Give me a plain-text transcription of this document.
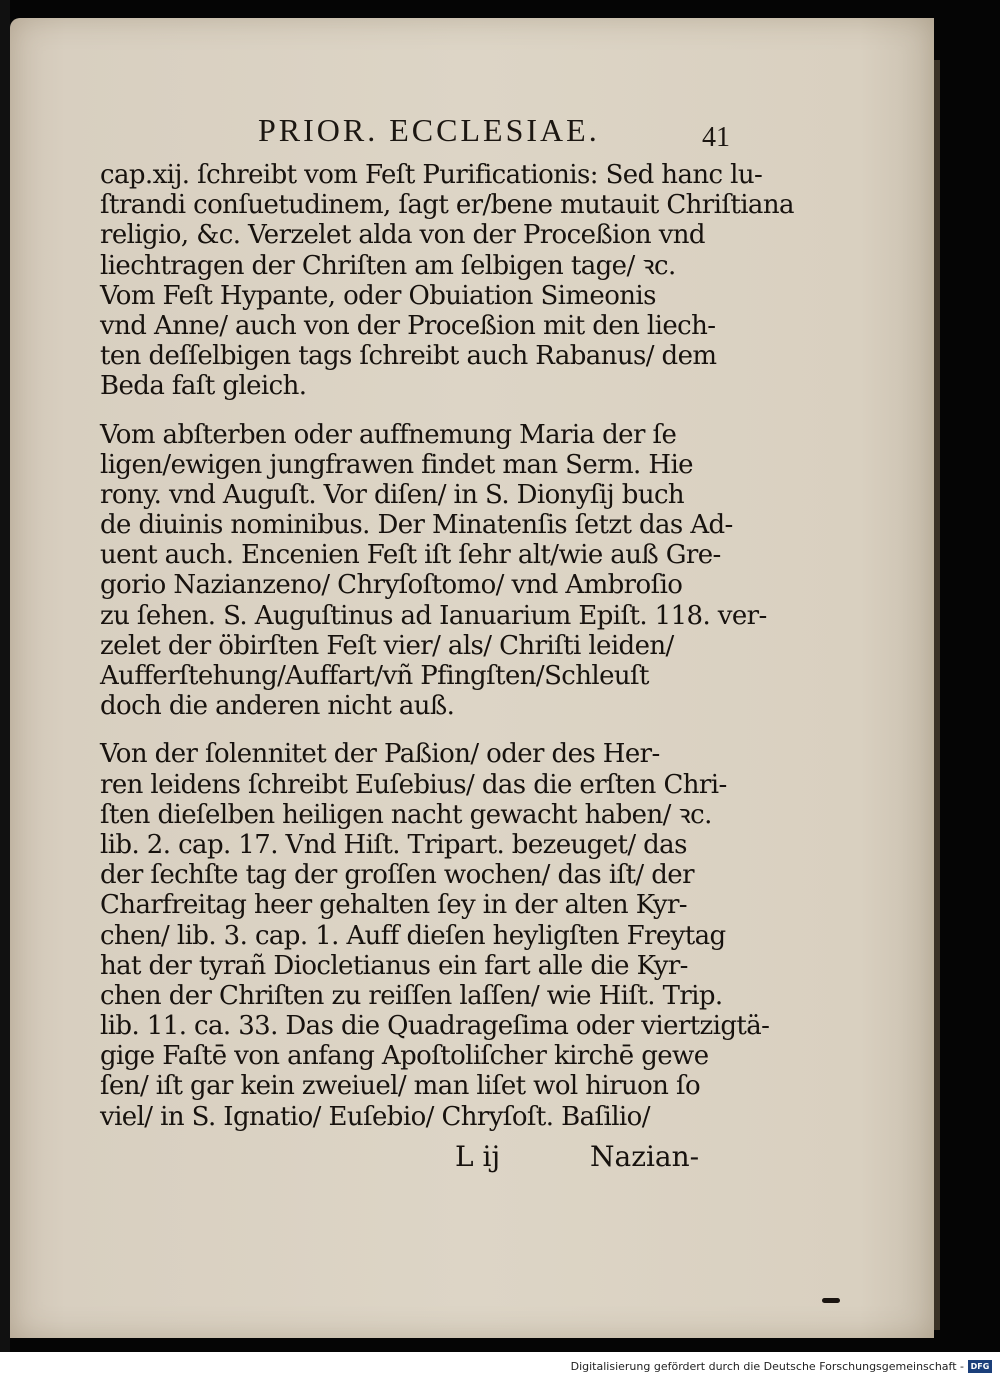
PRIOR. ECCLESIAE.	41
cap.xij. ſchreibt vom Feſt Purificationis: Sed hanc lu-
ſtrandi conſuetudinem, ſagt er/bene mutauit Chriſtiana
religio, &c. Verzelet alda von der Proceßion vnd
liechtragen der Chriſten am ſelbigen tage/ ꝛc.
Vom Feſt Hypante, oder Obuiation Simeonis
vnd Anne/ auch von der Proceßion mit den liech-
ten deſſelbigen tags ſchreibt auch Rabanus/ dem
Beda faſt gleich.
Vom abſterben oder auffnemung Maria der ſe
ligen/ewigen jungfrawen findet man Serm. Hie
rony. vnd Auguſt. Vor diſen/ in S. Dionyſij buch
de diuinis nominibus. Der Minatenſis ſetzt das Ad-
uent auch. Encenien Feſt iſt ſehr alt/wie auß Gre-
gorio Nazianzeno/ Chryſoſtomo/ vnd Ambroſio
zu ſehen. S. Auguſtinus ad Ianuarium Epiſt. 118. ver-
zelet der öbirſten Feſt vier/ als/ Chriſti leiden/
Aufferſtehung/Auffart/vñ Pfingſten/Schleuſt
doch die anderen nicht auß.
Von der ſolennitet der Paßion/ oder des Her-
ren leidens ſchreibt Euſebius/ das die erſten Chri-
ſten dieſelben heiligen nacht gewacht haben/ ꝛc.
lib. 2. cap. 17. Vnd Hiſt. Tripart. bezeuget/ das
der ſechſte tag der groſſen wochen/ das iſt/ der
Charfreitag heer gehalten ſey in der alten Kyr-
chen/ lib. 3. cap. 1. Auff dieſen heyligſten Freytag
hat der tyrañ Diocletianus ein fart alle die Kyr-
chen der Chriſten zu reiſſen laſſen/ wie Hiſt. Trip.
lib. 11. ca. 33. Das die Quadrageſima oder viertzigtä-
gige Faſtē von anfang Apoſtoliſcher kirchē gewe
ſen/ iſt gar kein zweiuel/ man liſet wol hiruon ſo
viel/ in S. Ignatio/ Euſebio/ Chryſoſt. Baſilio/
L ij	Nazian-
Digitalisierung gefördert durch die Deutsche Forschungsgemeinschaft - DFG
